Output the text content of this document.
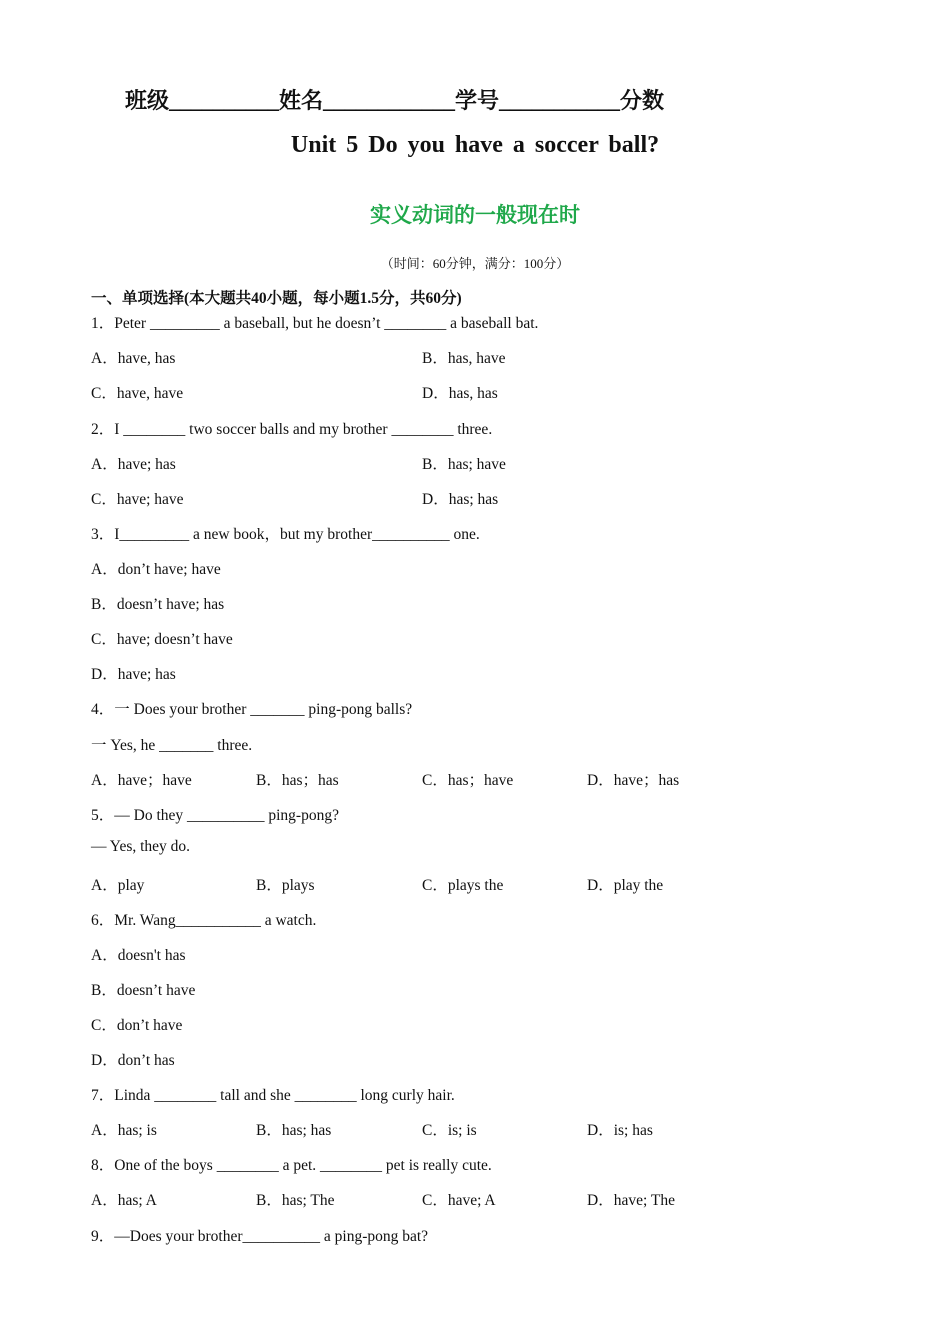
班级__________姓名____________学号___________分数
Unit 5 Do you have a soccer ball?
实义动词的一般现在时
（时间：60分钟，满分：100分）
一、单项选择(本大题共40小题，每小题1.5分，共60分)
1．Peter _________ a baseball, but he doesn’t ________ a baseball bat.
A．have, has	B．has, have
C．have, have	D．has, has
2．I ________ two soccer balls and my brother ________ three.
A．have; has	B．has; have
C．have; have	D．has; has
3．I_________ a new book，but my brother__________ one.
A．don’t have; have
B．doesn’t have; has
C．have; doesn’t have
D．have; has
4．一 Does your brother _______ ping-pong balls?
一 Yes, he _______ three.
A．have；have	B．has；has	C．has；have	D．have；has
5．— Do they __________ ping-pong?
— Yes, they do.
A．play	B．plays	C．plays the	D．play the
6．Mr. Wang___________ a watch.
A．doesn't has
B．doesn’t have
C．don’t have
D．don’t has
7．Linda ________ tall and she ________ long curly hair.
A．has; is	B．has; has	C．is; is	D．is; has
8．One of the boys ________ a pet. ________ pet is really cute.
A．has; A	B．has; The	C．have; A	D．have; The
9．—Does your brother__________ a ping-pong bat?
